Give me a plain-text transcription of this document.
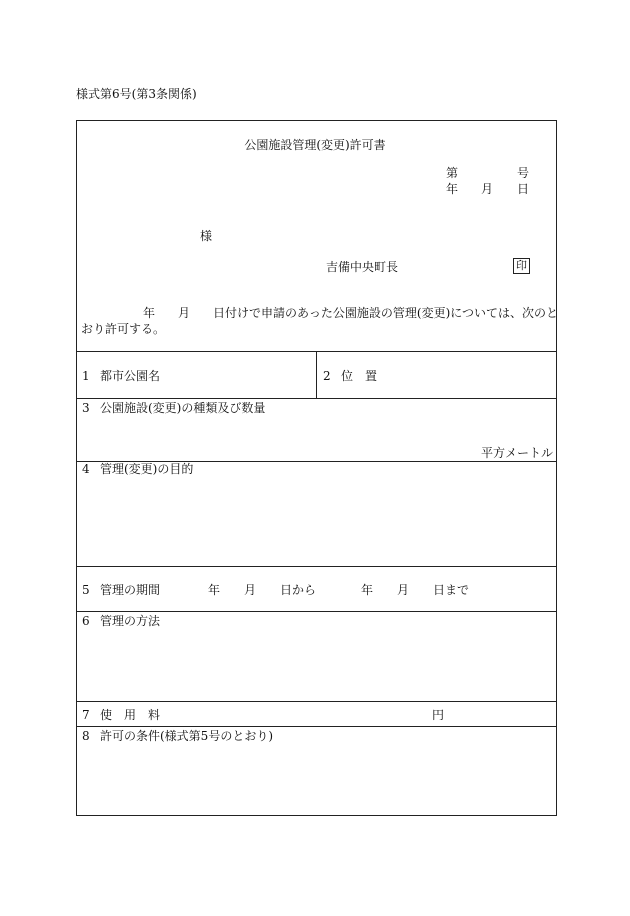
様式第6号(第3条関係)
公園施設管理(変更)許可書
第	号
年 月 日
様
吉備中央町長	印
年 月 日付けで申請のあった公園施設の管理(変更)については、次のと
おり許可する。
1 都市公園名	2 位　置
3 公園施設(変更)の種類及び数量
平方メートル
4 管理(変更)の目的
5 管理の期間	年 月 日から	年 月 日まで
6 管理の方法
7 使　用　料	円
8 許可の条件(様式第5号のとおり)
